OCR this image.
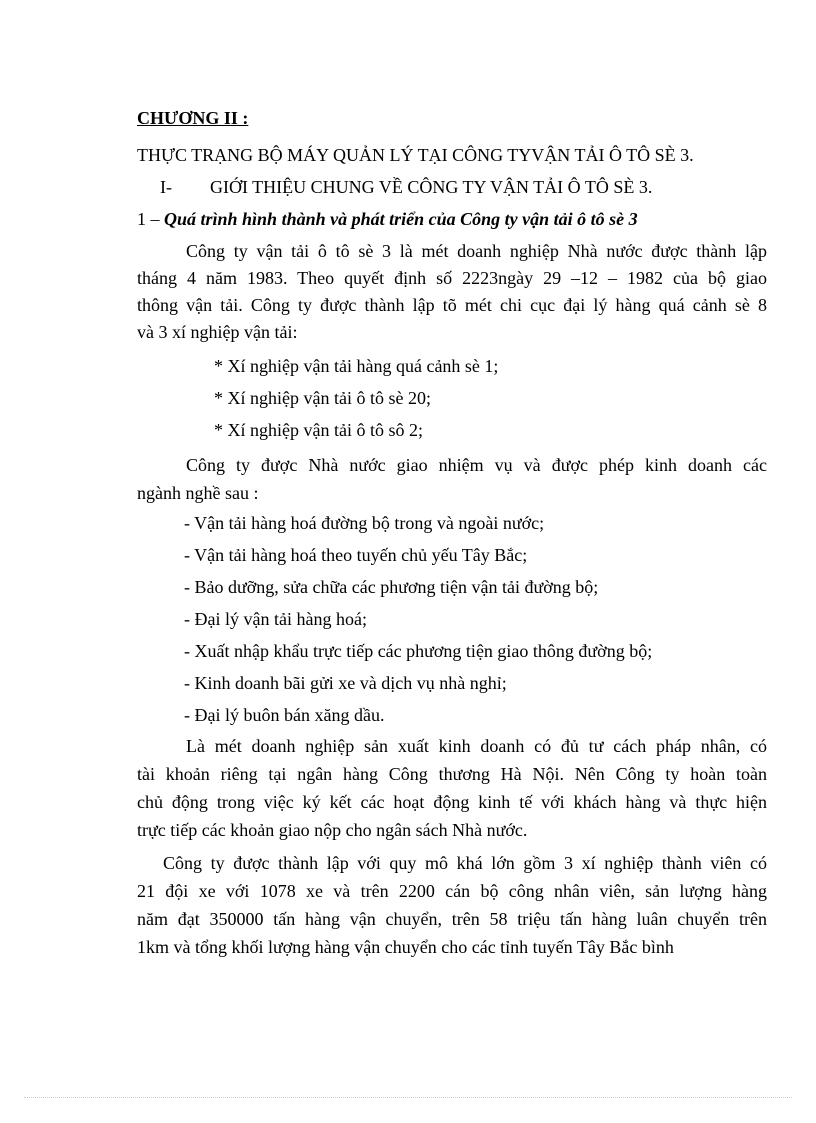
CHƯƠNG II :
THỰC TRẠNG BỘ MÁY QUẢN LÝ TẠI CÔNG TYVẬN TẢI Ô TÔ SÈ 3.
I- GIỚI THIỆU CHUNG VỀ CÔNG TY VẬN TẢI Ô TÔ SÈ 3.
1 – Quá trình hình thành và phát triển của Công ty vận tải ô tô sè 3
Công ty vận tải ô tô sè 3 là mét doanh nghiệp Nhà nước được thành lập
tháng 4 năm 1983. Theo quyết định số 2223ngày 29 –12 – 1982 của bộ giao
thông vận tải. Công ty được thành lập tõ mét chi cục đại lý hàng quá cảnh sè 8
và 3 xí nghiệp vận tải:
* Xí nghiệp vận tải hàng quá cảnh sè 1;
* Xí nghiệp vận tải ô tô sè 20;
* Xí nghiệp vận tải ô tô sô 2;
Công ty được Nhà nước giao nhiệm vụ và được phép kinh doanh các
ngành nghề sau :
- Vận tải hàng hoá đường bộ trong và ngoài nước;
- Vận tải hàng hoá theo tuyến chủ yếu Tây Bắc;
- Bảo dưỡng, sửa chữa các phương tiện vận tải đường bộ;
- Đại lý vận tải hàng hoá;
- Xuất nhập khẩu trực tiếp các phương tiện giao thông đường bộ;
- Kinh doanh bãi gửi xe và dịch vụ nhà nghỉ;
- Đại lý buôn bán xăng dầu.
Là mét doanh nghiệp sản xuất kinh doanh có đủ tư cách pháp nhân, có
tài khoản riêng tại ngân hàng Công thương Hà Nội. Nên Công ty hoàn toàn
chủ động trong việc ký kết các hoạt động kinh tế với khách hàng và thực hiện
trực tiếp các khoản giao nộp cho ngân sách Nhà nước.
Công ty được thành lập với quy mô khá lớn gồm 3 xí nghiệp thành viên có
21 đội xe với 1078 xe và trên 2200 cán bộ công nhân viên, sản lượng hàng
năm đạt 350000 tấn hàng vận chuyển, trên 58 triệu tấn hàng luân chuyển trên
1km và tổng khối lượng hàng vận chuyển cho các tỉnh tuyến Tây Bắc bình
